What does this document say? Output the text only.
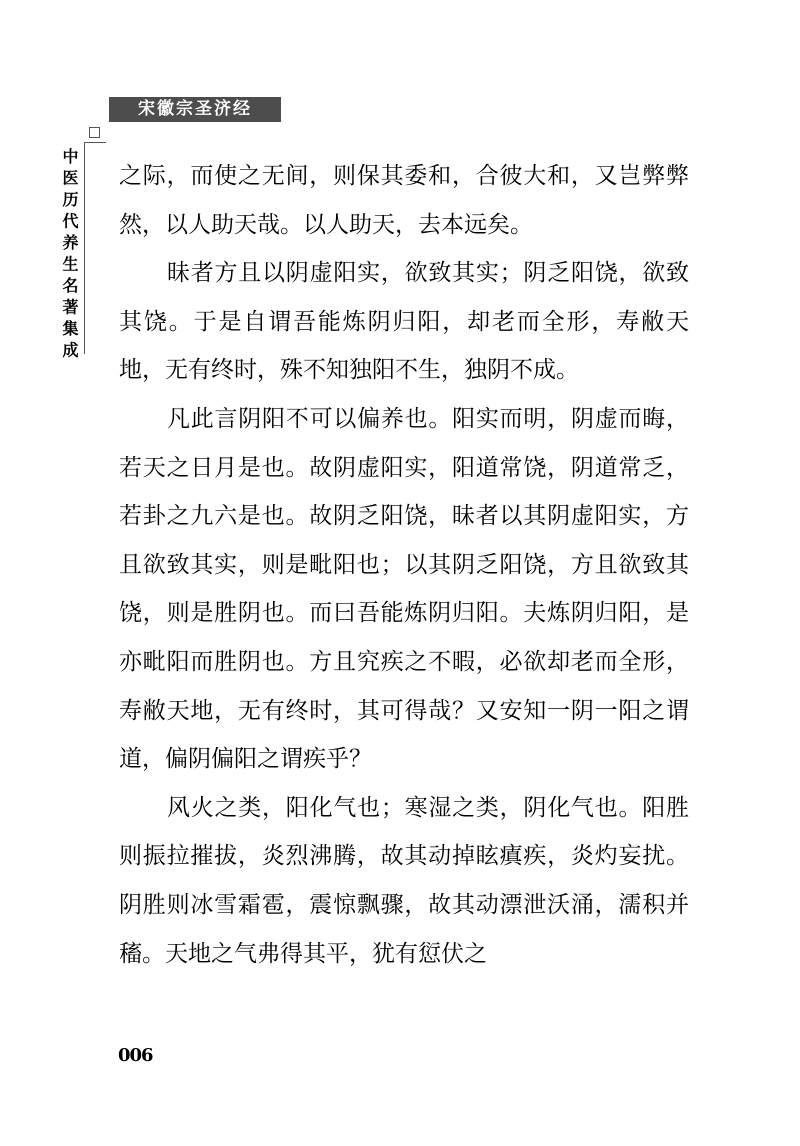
宋徽宗圣济经
中医历代养生名著集成 之际，而使之无间，则保其委和，合彼大和，又岂弊弊然，以人助天哉。以人助天，去本远矣。

昧者方且以阴虚阳实，欲致其实；阴乏阳饶，欲致其饶。于是自谓吾能炼阴归阳，却老而全形，寿敝天地，无有终时，殊不知独阳不生，独阴不成。

凡此言阴阳不可以偏养也。阳实而明，阴虚而晦，若天之日月是也。故阴虚阳实，阳道常饶，阴道常乏，若卦之九六是也。故阴乏阳饶，昧者以其阴虚阳实，方且欲致其实，则是毗阳也；以其阴乏阳饶，方且欲致其饶，则是胜阴也。而曰吾能炼阴归阳。夫炼阴归阳，是亦毗阳而胜阴也。方且究疾之不暇，必欲却老而全形，寿敝天地，无有终时，其可得哉？又安知一阴一阳之谓道，偏阴偏阳之谓疾乎？

风火之类，阳化气也；寒湿之类，阴化气也。阳胜则振拉摧拔，炎烈沸腾，故其动掉眩瘨疾，炎灼妄扰。阴胜则冰雪霜雹，震惊飘骤，故其动漂泄沃涌，濡积并稸。天地之气弗得其平，犹有愆伏之

006
